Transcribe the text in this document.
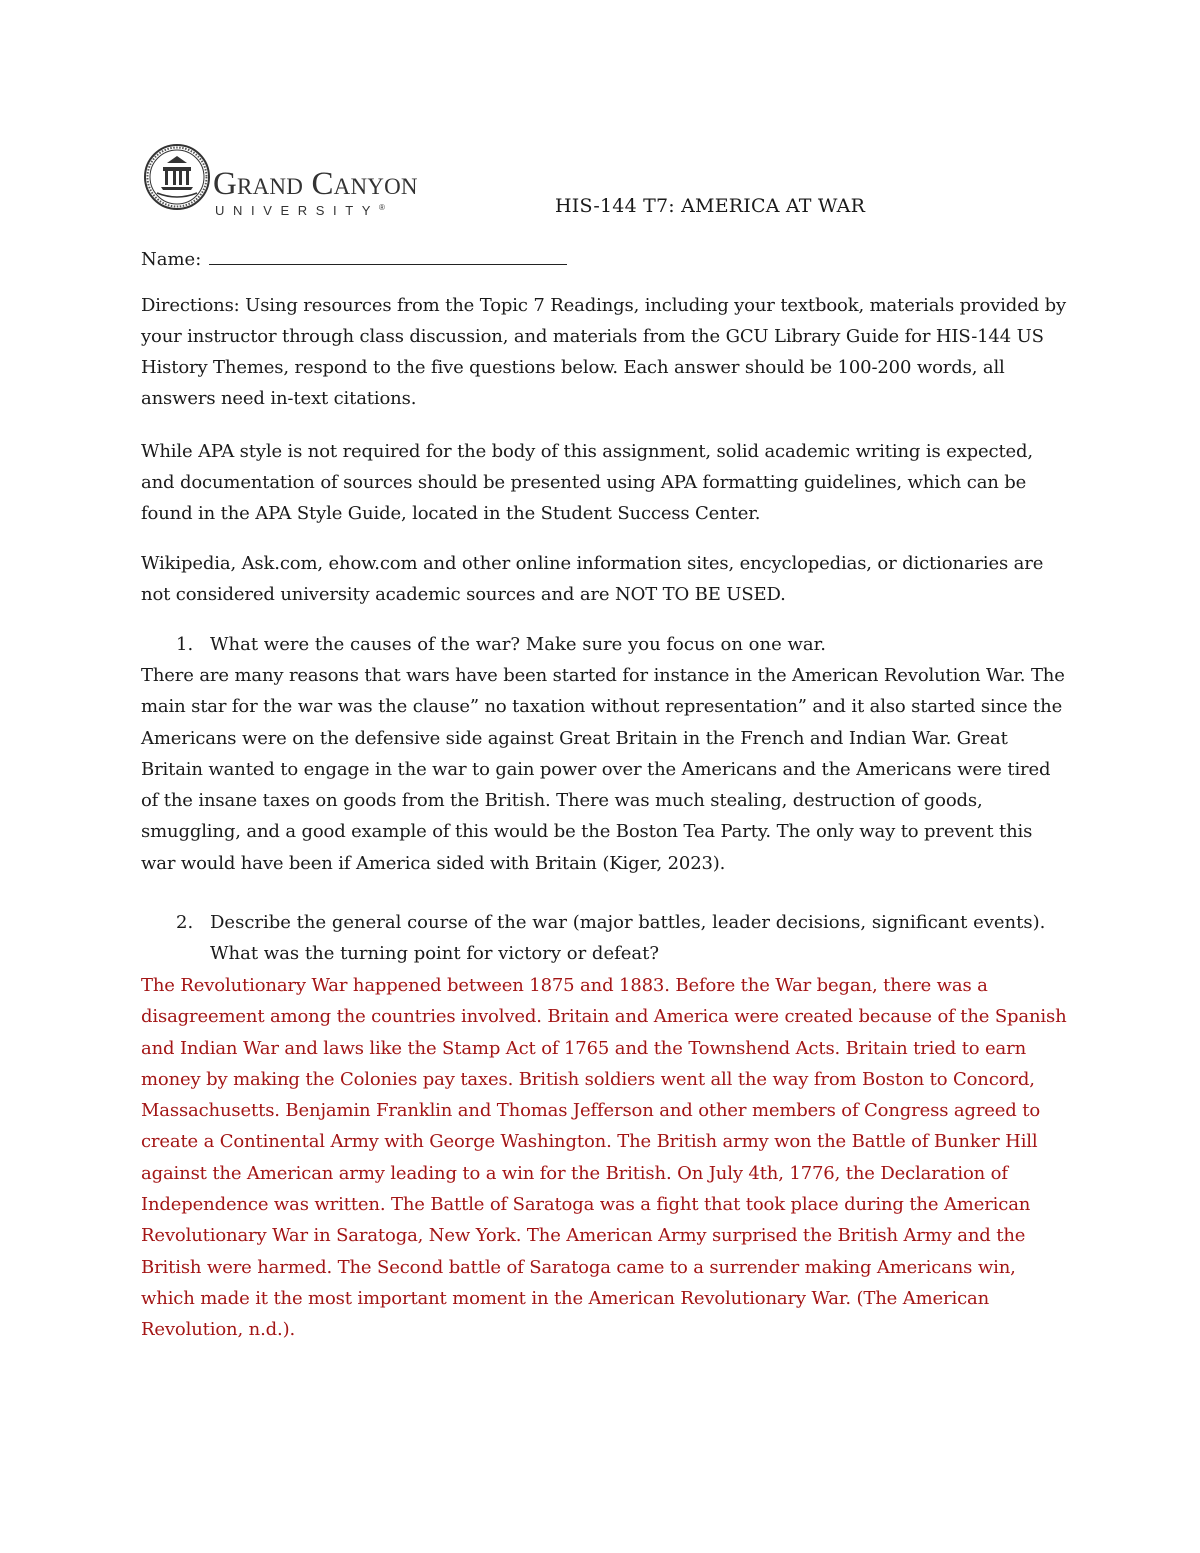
Grand Canyon
UNIVERSITY®	HIS-144 T7: AMERICA AT WAR
Name:
Directions: Using resources from the Topic 7 Readings, including your textbook, materials provided by your instructor through class discussion, and materials from the GCU Library Guide for HIS-144 US History Themes, respond to the five questions below. Each answer should be 100-200 words, all answers need in-text citations.
While APA style is not required for the body of this assignment, solid academic writing is expected, and documentation of sources should be presented using APA formatting guidelines, which can be found in the APA Style Guide, located in the Student Success Center.
Wikipedia, Ask.com, ehow.com and other online information sites, encyclopedias, or dictionaries are not considered university academic sources and are NOT TO BE USED.
1. What were the causes of the war? Make sure you focus on one war.
There are many reasons that wars have been started for instance in the American Revolution War. The main star for the war was the clause” no taxation without representation” and it also started since the Americans were on the defensive side against Great Britain in the French and Indian War. Great Britain wanted to engage in the war to gain power over the Americans and the Americans were tired of the insane taxes on goods from the British. There was much stealing, destruction of goods, smuggling, and a good example of this would be the Boston Tea Party. The only way to prevent this war would have been if America sided with Britain (Kiger, 2023).
2. Describe the general course of the war (major battles, leader decisions, significant events). What was the turning point for victory or defeat?
The Revolutionary War happened between 1875 and 1883. Before the War began, there was a disagreement among the countries involved. Britain and America were created because of the Spanish and Indian War and laws like the Stamp Act of 1765 and the Townshend Acts. Britain tried to earn money by making the Colonies pay taxes. British soldiers went all the way from Boston to Concord, Massachusetts. Benjamin Franklin and Thomas Jefferson and other members of Congress agreed to create a Continental Army with George Washington. The British army won the Battle of Bunker Hill against the American army leading to a win for the British. On July 4th, 1776, the Declaration of Independence was written. The Battle of Saratoga was a fight that took place during the American Revolutionary War in Saratoga, New York. The American Army surprised the British Army and the British were harmed. The Second battle of Saratoga came to a surrender making Americans win, which made it the most important moment in the American Revolutionary War. (The American Revolution, n.d.).
